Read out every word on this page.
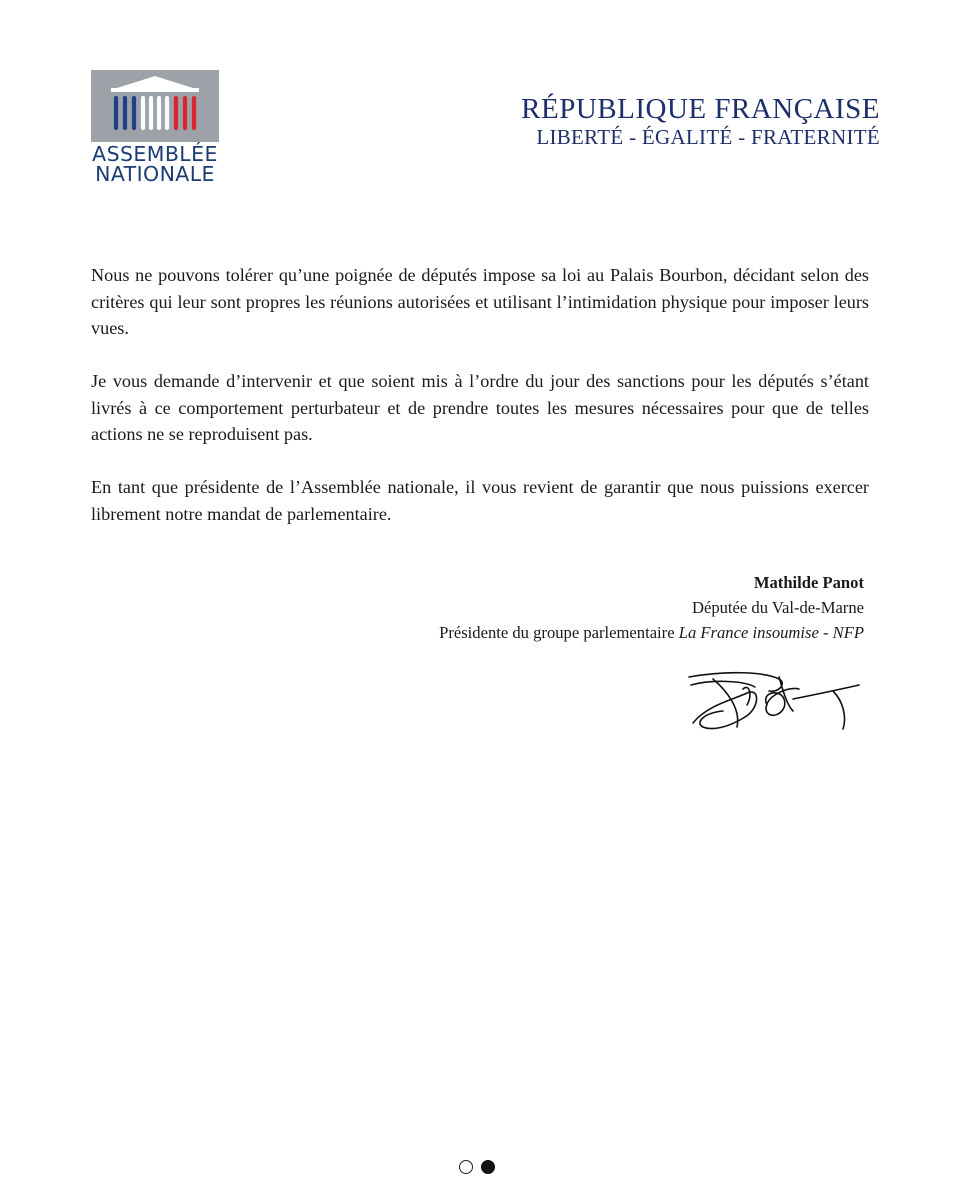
ASSEMBLÉE
NATIONALE
RÉPUBLIQUE FRANÇAISE
LIBERTÉ - ÉGALITÉ - FRATERNITÉ

Nous ne pouvons tolérer qu’une poignée de députés impose sa loi au Palais Bourbon, décidant selon des critères qui leur sont propres les réunions autorisées et utilisant l’intimidation physique pour imposer leurs vues.

Je vous demande d’intervenir et que soient mis à l’ordre du jour des sanctions pour les députés s’étant livrés à ce comportement perturbateur et de prendre toutes les mesures nécessaires pour que de telles actions ne se reproduisent pas.

En tant que présidente de l’Assemblée nationale, il vous revient de garantir que nous puissions exercer librement notre mandat de parlementaire.

Mathilde Panot
Députée du Val-de-Marne
Présidente du groupe parlementaire La France insoumise - NFP
